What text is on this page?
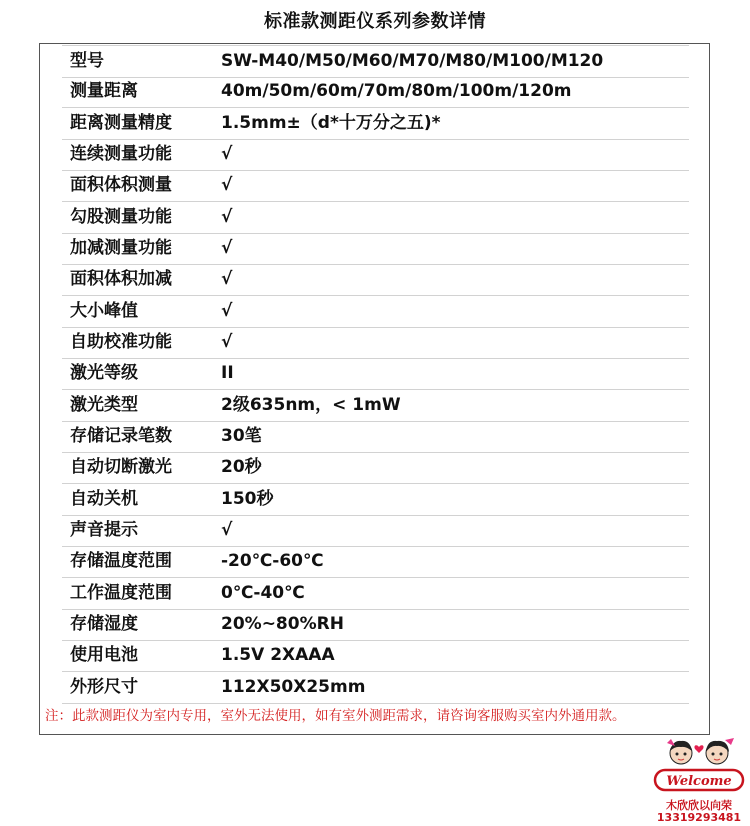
标准款测距仪系列参数详情
型号	SW-M40/M50/M60/M70/M80/M100/M120
测量距离	40m/50m/60m/70m/80m/100m/120m
距离测量精度	1.5mm±（d*十万分之五)*
连续测量功能	√
面积体积测量	√
勾股测量功能	√
加减测量功能	√
面积体积加减	√
大小峰值	√
自助校准功能	√
激光等级	II
激光类型	2级635nm，< 1mW
存储记录笔数	30笔
自动切断激光	20秒
自动关机	150秒
声音提示	√
存储温度范围	-20℃-60℃
工作温度范围	0℃-40℃
存储湿度	20%~80%RH
使用电池	1.5V 2XAAA
外形尺寸	112X50X25mm
注：此款测距仪为室内专用，室外无法使用，如有室外测距需求，请咨询客服购买室内外通用款。
Welcome
木欣欣以向荣
13319293481
